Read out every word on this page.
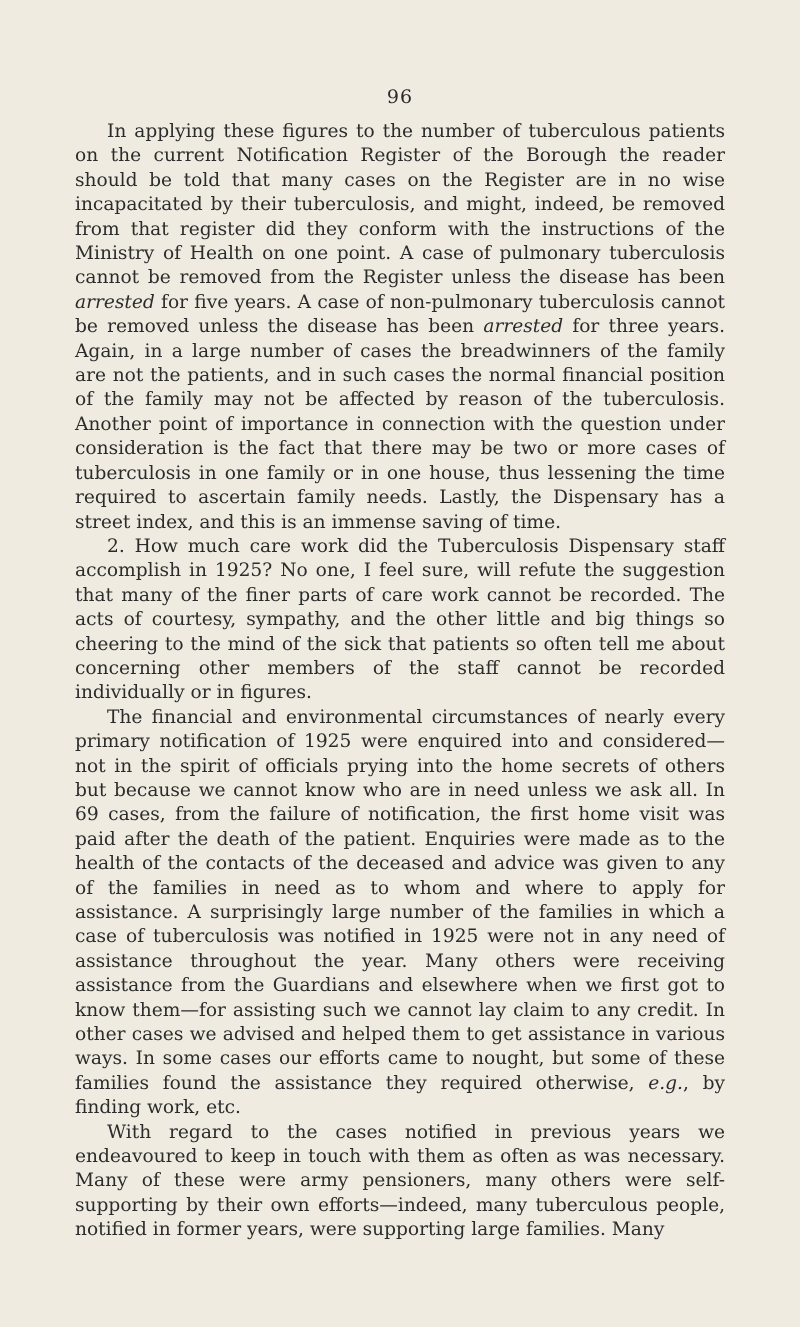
96

In applying these figures to the number of tuberculous patients on the current Notification Register of the Borough the reader should be told that many cases on the Register are in no wise incapacitated by their tuberculosis, and might, indeed, be removed from that register did they conform with the instructions of the Ministry of Health on one point. A case of pulmonary tuberculosis cannot be removed from the Register unless the disease has been arrested for five years. A case of non-pulmonary tuberculosis cannot be removed unless the disease has been arrested for three years. Again, in a large number of cases the breadwinners of the family are not the patients, and in such cases the normal financial position of the family may not be affected by reason of the tuberculosis. Another point of importance in connection with the question under consideration is the fact that there may be two or more cases of tuberculosis in one family or in one house, thus lessening the time required to ascertain family needs. Lastly, the Dispensary has a street index, and this is an immense saving of time.

2. How much care work did the Tuberculosis Dispensary staff accomplish in 1925? No one, I feel sure, will refute the suggestion that many of the finer parts of care work cannot be recorded. The acts of courtesy, sympathy, and the other little and big things so cheering to the mind of the sick that patients so often tell me about concerning other members of the staff cannot be recorded individually or in figures.

The financial and environmental circumstances of nearly every primary notification of 1925 were enquired into and considered—not in the spirit of officials prying into the home secrets of others but because we cannot know who are in need unless we ask all. In 69 cases, from the failure of notification, the first home visit was paid after the death of the patient. Enquiries were made as to the health of the contacts of the deceased and advice was given to any of the families in need as to whom and where to apply for assistance. A surprisingly large number of the families in which a case of tuberculosis was notified in 1925 were not in any need of assistance throughout the year. Many others were receiving assistance from the Guardians and elsewhere when we first got to know them—for assisting such we cannot lay claim to any credit. In other cases we advised and helped them to get assistance in various ways. In some cases our efforts came to nought, but some of these families found the assistance they required otherwise, e.g., by finding work, etc.

With regard to the cases notified in previous years we endeavoured to keep in touch with them as often as was necessary. Many of these were army pensioners, many others were self-supporting by their own efforts—indeed, many tuberculous people, notified in former years, were supporting large families. Many
